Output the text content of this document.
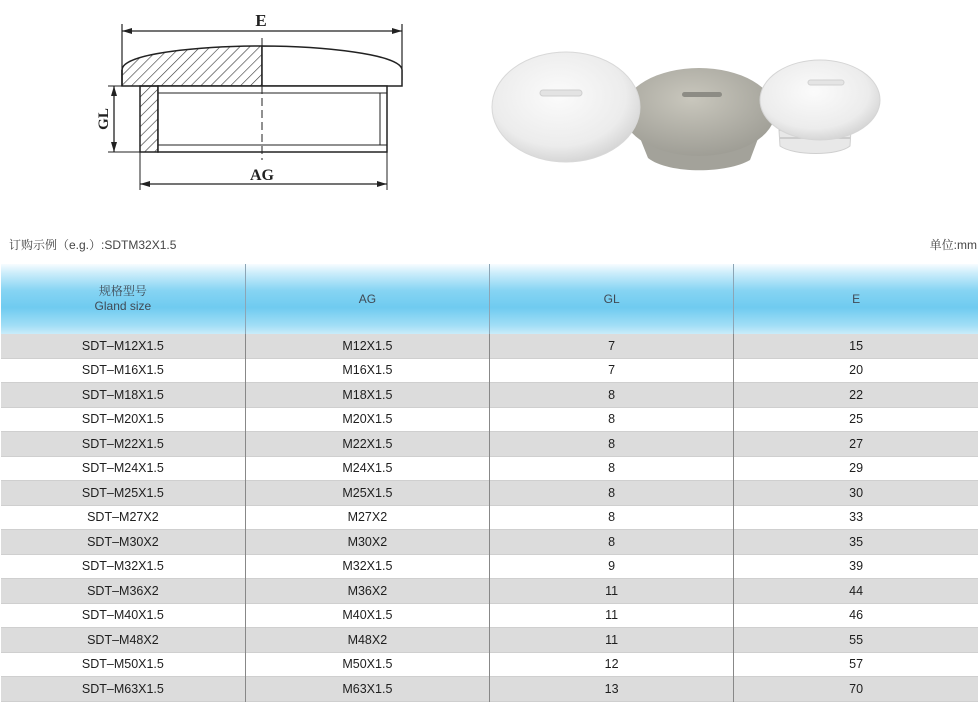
E
GL
AG
订购示例（e.g.）:SDTM32X1.5	单位:mm
规格型号
Gland size	AG	GL	E
SDT–M12X1.5	M12X1.5	7	15
SDT–M16X1.5	M16X1.5	7	20
SDT–M18X1.5	M18X1.5	8	22
SDT–M20X1.5	M20X1.5	8	25
SDT–M22X1.5	M22X1.5	8	27
SDT–M24X1.5	M24X1.5	8	29
SDT–M25X1.5	M25X1.5	8	30
SDT–M27X2	M27X2	8	33
SDT–M30X2	M30X2	8	35
SDT–M32X1.5	M32X1.5	9	39
SDT–M36X2	M36X2	11	44
SDT–M40X1.5	M40X1.5	11	46
SDT–M48X2	M48X2	11	55
SDT–M50X1.5	M50X1.5	12	57
SDT–M63X1.5	M63X1.5	13	70
